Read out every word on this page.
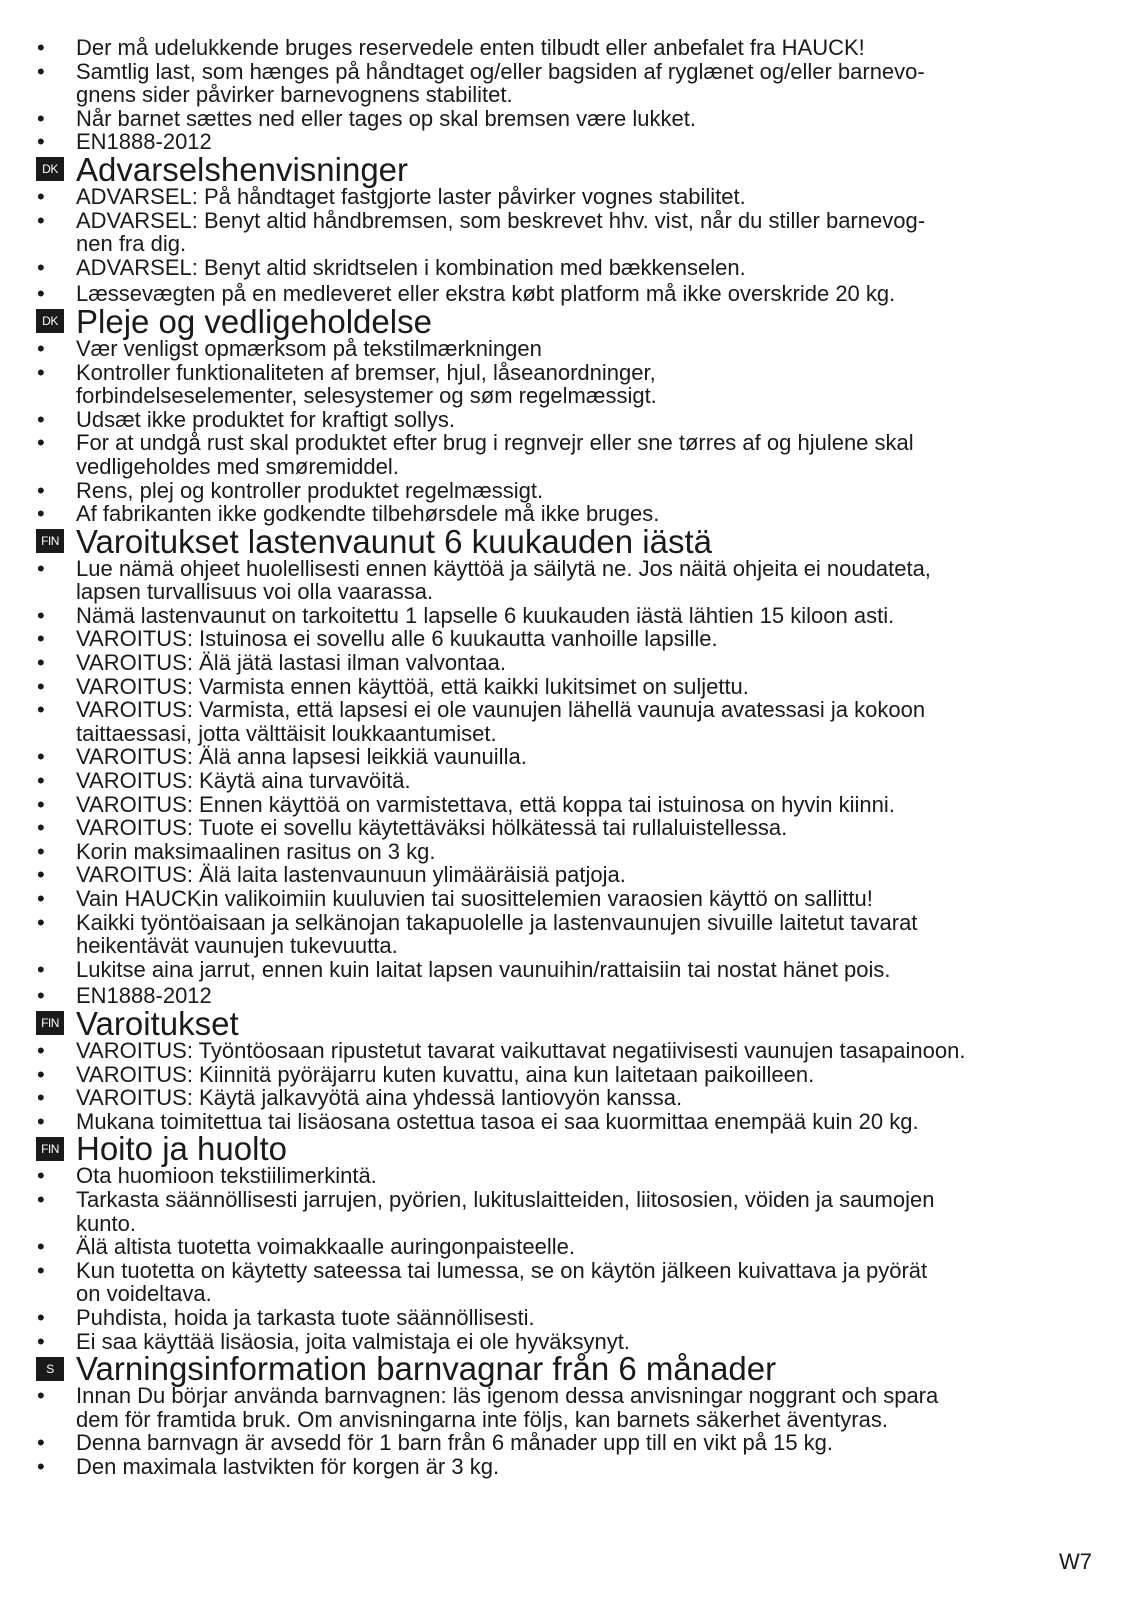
• Der må udelukkende bruges reservedele enten tilbudt eller anbefalet fra HAUCK!
• Samtlig last, som hænges på håndtaget og/eller bagsiden af ryglænet og/eller barnevo-
gnens sider påvirker barnevognens stabilitet.
• Når barnet sættes ned eller tages op skal bremsen være lukket.
• EN1888-2012
DK Advarselshenvisninger
• ADVARSEL: På håndtaget fastgjorte laster påvirker vognes stabilitet.
• ADVARSEL: Benyt altid håndbremsen, som beskrevet hhv. vist, når du stiller barnevog-
nen fra dig.
• ADVARSEL: Benyt altid skridtselen i kombination med bækkenselen.
• Læssevægten på en medleveret eller ekstra købt platform må ikke overskride 20 kg.
DK Pleje og vedligeholdelse
• Vær venligst opmærksom på tekstilmærkningen
• Kontroller funktionaliteten af bremser, hjul, låseanordninger,
forbindelseselementer, selesystemer og søm regelmæssigt.
• Udsæt ikke produktet for kraftigt sollys.
• For at undgå rust skal produktet efter brug i regnvejr eller sne tørres af og hjulene skal
vedligeholdes med smøremiddel.
• Rens, plej og kontroller produktet regelmæssigt.
• Af fabrikanten ikke godkendte tilbehørsdele må ikke bruges.
FIN Varoitukset lastenvaunut 6 kuukauden iästä
• Lue nämä ohjeet huolellisesti ennen käyttöä ja säilytä ne. Jos näitä ohjeita ei noudateta,
lapsen turvallisuus voi olla vaarassa.
• Nämä lastenvaunut on tarkoitettu 1 lapselle 6 kuukauden iästä lähtien 15 kiloon asti.
• VAROITUS: Istuinosa ei sovellu alle 6 kuukautta vanhoille lapsille.
• VAROITUS: Älä jätä lastasi ilman valvontaa.
• VAROITUS: Varmista ennen käyttöä, että kaikki lukitsimet on suljettu.
• VAROITUS: Varmista, että lapsesi ei ole vaunujen lähellä vaunuja avatessasi ja kokoon
taittaessasi, jotta välttäisit loukkaantumiset.
• VAROITUS: Älä anna lapsesi leikkiä vaunuilla.
• VAROITUS: Käytä aina turvavöitä.
• VAROITUS: Ennen käyttöä on varmistettava, että koppa tai istuinosa on hyvin kiinni.
• VAROITUS: Tuote ei sovellu käytettäväksi hölkätessä tai rullaluistellessa.
• Korin maksimaalinen rasitus on 3 kg.
• VAROITUS: Älä laita lastenvaunuun ylimääräisiä patjoja.
• Vain HAUCKin valikoimiin kuuluvien tai suosittelemien varaosien käyttö on sallittu!
• Kaikki työntöaisaan ja selkänojan takapuolelle ja lastenvaunujen sivuille laitetut tavarat
heikentävät vaunujen tukevuutta.
• Lukitse aina jarrut, ennen kuin laitat lapsen vaunuihin/rattaisiin tai nostat hänet pois.
• EN1888-2012
FIN Varoitukset
• VAROITUS: Työntöosaan ripustetut tavarat vaikuttavat negatiivisesti vaunujen tasapainoon.
• VAROITUS: Kiinnitä pyöräjarru kuten kuvattu, aina kun laitetaan paikoilleen.
• VAROITUS: Käytä jalkavyötä aina yhdessä lantiovyön kanssa.
• Mukana toimitettua tai lisäosana ostettua tasoa ei saa kuormittaa enempää kuin 20 kg.
FIN Hoito ja huolto
• Ota huomioon tekstiilimerkintä.
• Tarkasta säännöllisesti jarrujen, pyörien, lukituslaitteiden, liitososien, vöiden ja saumojen
kunto.
• Älä altista tuotetta voimakkaalle auringonpaisteelle.
• Kun tuotetta on käytetty sateessa tai lumessa, se on käytön jälkeen kuivattava ja pyörät
on voideltava.
• Puhdista, hoida ja tarkasta tuote säännöllisesti.
• Ei saa käyttää lisäosia, joita valmistaja ei ole hyväksynyt.
S Varningsinformation barnvagnar från 6 månader
• Innan Du börjar använda barnvagnen: läs igenom dessa anvisningar noggrant och spara
dem för framtida bruk. Om anvisningarna inte följs, kan barnets säkerhet äventyras.
• Denna barnvagn är avsedd för 1 barn från 6 månader upp till en vikt på 15 kg.
• Den maximala lastvikten för korgen är 3 kg.
W7
